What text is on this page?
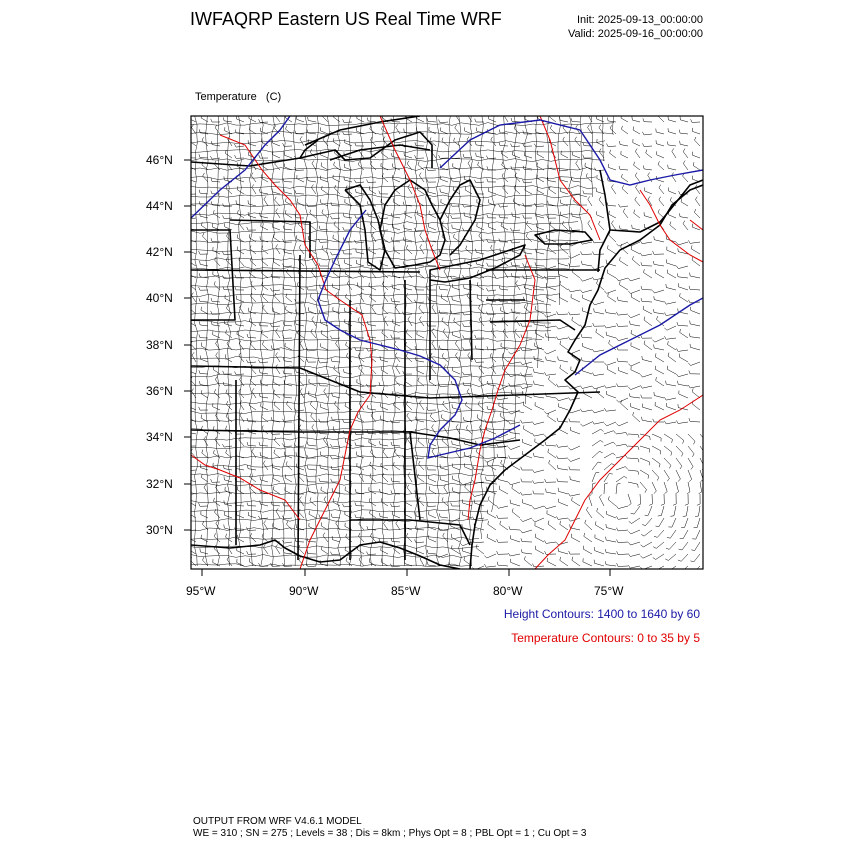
IWFAQRP Eastern US Real Time WRF	Init: 2025-09-13_00:00:00
Valid: 2025-09-16_00:00:00

Temperature   (C)

46°N
44°N
42°N
40°N
38°N
36°N
34°N
32°N
30°N
95°W	90°W	85°W	80°W	75°W
Height Contours: 1400 to 1640 by 60
Temperature Contours: 0 to 35 by 5
OUTPUT FROM WRF V4.6.1 MODEL
WE = 310 ; SN = 275 ; Levels = 38 ; Dis = 8km ; Phys Opt = 8 ; PBL Opt = 1 ; Cu Opt = 3
